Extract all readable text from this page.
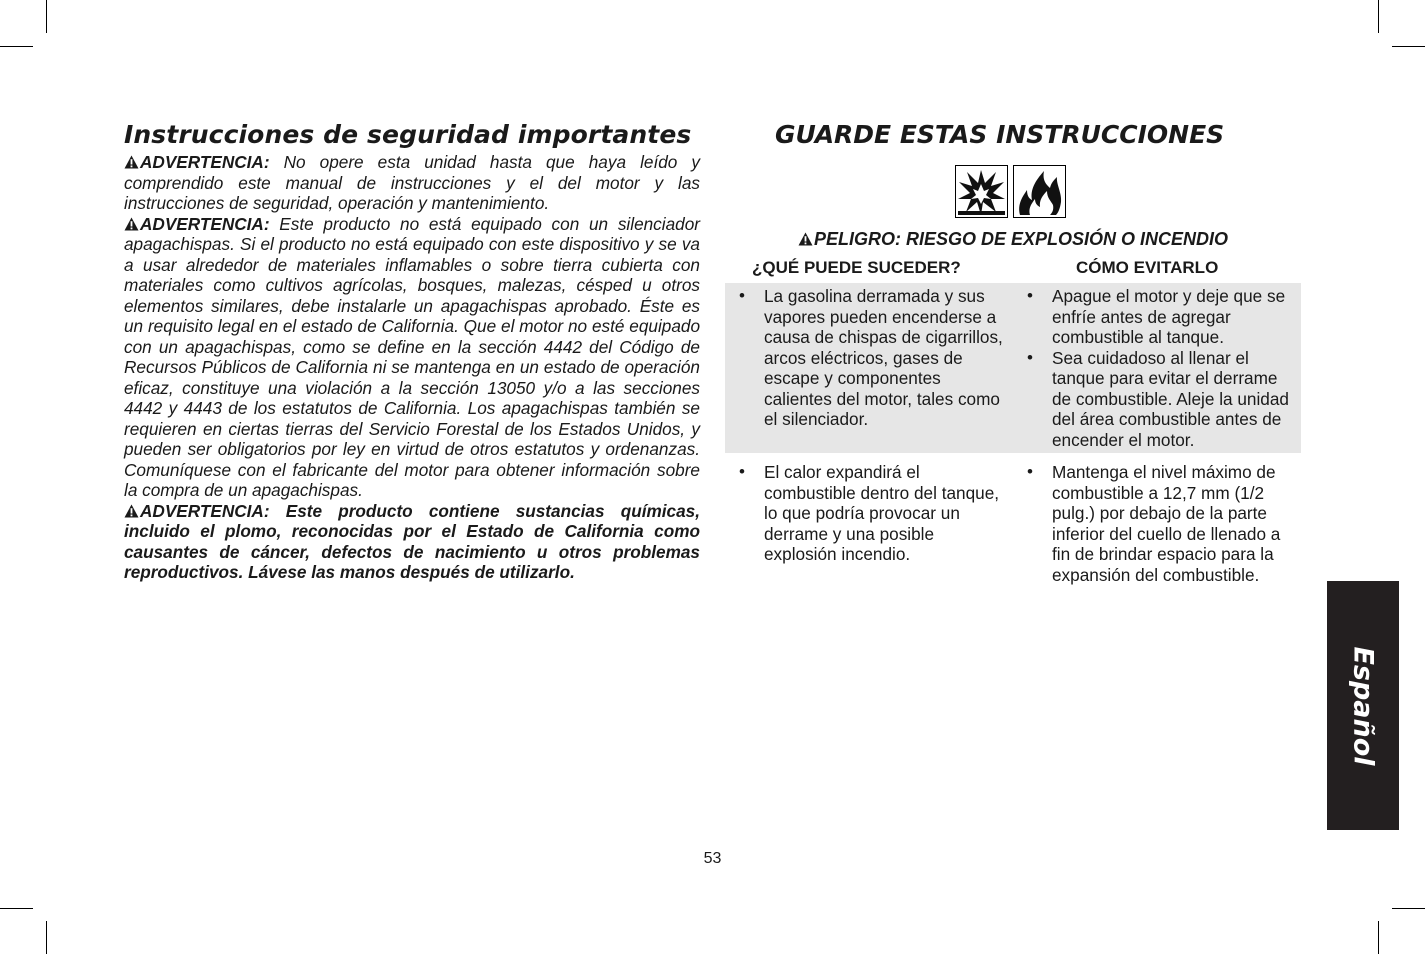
Instrucciones de seguridad importantes

ADVERTENCIA: No opere esta unidad hasta que haya leído y comprendido este manual de instrucciones y el del motor y las instrucciones de seguridad, operación y mantenimiento.

ADVERTENCIA: Este producto no está equipado con un silenciador apagachispas. Si el producto no está equipado con este dispositivo y se va a usar alrededor de materiales inflamables o sobre tierra cubierta con materiales como cultivos agrícolas, bosques, malezas, césped u otros elementos similares, debe instalarle un apagachispas aprobado. Éste es un requisito legal en el estado de California. Que el motor no esté equipado con un apagachispas, como se define en la sección 4442 del Código de Recursos Públicos de California ni se mantenga en un estado de operación eficaz, constituye una violación a la sección 13050 y/o a las secciones 4442 y 4443 de los estatutos de California. Los apagachispas también se requieren en ciertas tierras del Servicio Forestal de los Estados Unidos, y pueden ser obligatorios por ley en virtud de otros estatutos y ordenanzas. Comuníquese con el fabricante del motor para obtener información sobre la compra de un apagachispas.

ADVERTENCIA: Este producto contiene sustancias químicas, incluido el plomo, reconocidas por el Estado de California como causantes de cáncer, defectos de nacimiento u otros problemas reproductivos. Lávese las manos después de utilizarlo.

GUARDE ESTAS INSTRUCCIONES
PELIGRO: RIESGO DE EXPLOSIÓN O INCENDIO
¿QUÉ PUEDE SUCEDER?	CÓMO EVITARLO
• La gasolina derramada y sus vapores pueden encenderse a causa de chispas de cigarrillos, arcos eléctricos, gases de escape y componentes calientes del motor, tales como el silenciador.
• Apague el motor y deje que se enfríe antes de agregar combustible al tanque.
• Sea cuidadoso al llenar el tanque para evitar el derrame de combustible. Aleje la unidad del área combustible antes de encender el motor.
• El calor expandirá el combustible dentro del tanque, lo que podría provocar un derrame y una posible explosión incendio.
• Mantenga el nivel máximo de combustible a 12,7 mm (1/2 pulg.) por debajo de la parte inferior del cuello de llenado a fin de brindar espacio para la expansión del combustible.
53
Español
